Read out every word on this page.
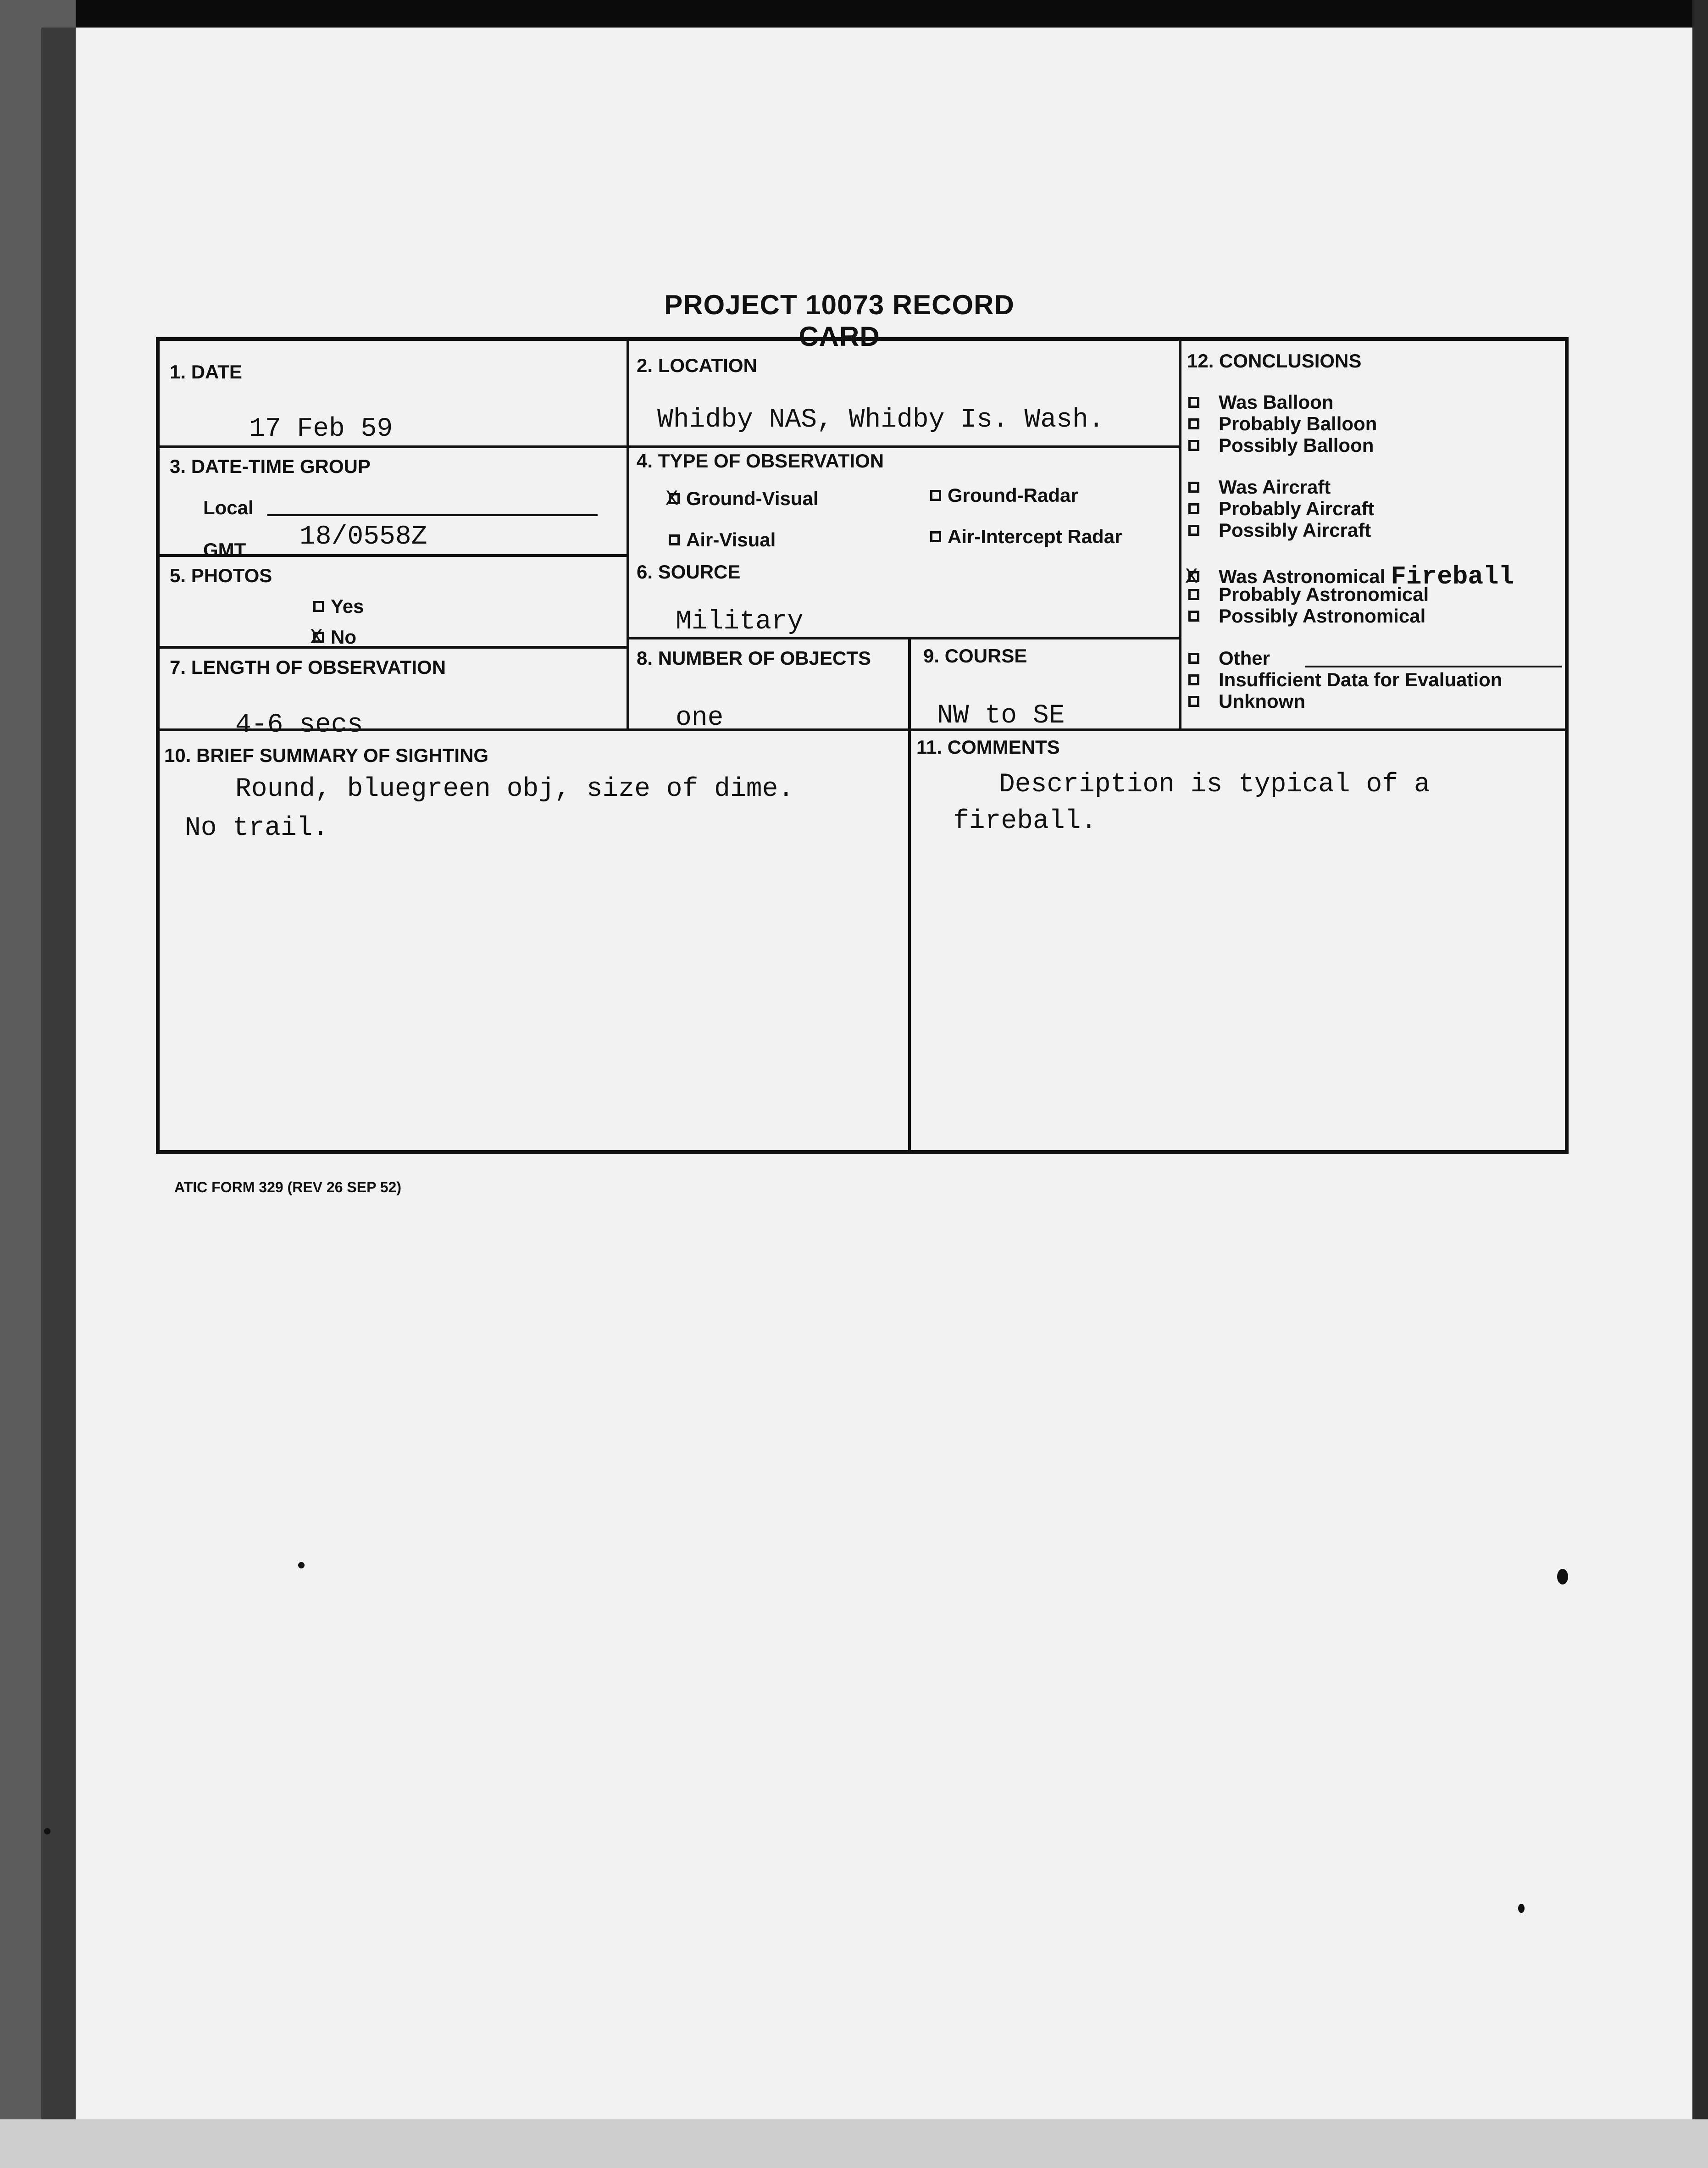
PROJECT 10073 RECORD CARD
1. DATE
17 Feb 59
2. LOCATION
Whidby NAS, Whidby Is. Wash.
3. DATE-TIME GROUP
Local
GMT 18/0558Z
4. TYPE OF OBSERVATION
X Ground-Visual	Ground-Radar
Air-Visual	Air-Intercept Radar
5. PHOTOS
Yes
X No
6. SOURCE
Military
7. LENGTH OF OBSERVATION
4-6 secs
8. NUMBER OF OBJECTS
one
9. COURSE
NW to SE
10. BRIEF SUMMARY OF SIGHTING
Round, bluegreen obj, size of dime.
No trail.
11. COMMENTS
Description is typical of a
fireball.
12. CONCLUSIONS
Was Balloon
Probably Balloon
Possibly Balloon
Was Aircraft
Probably Aircraft
Possibly Aircraft
X Was Astronomical Fireball
Probably Astronomical
Possibly Astronomical
Other
Insufficient Data for Evaluation
Unknown
ATIC FORM 329 (REV 26 SEP 52)
